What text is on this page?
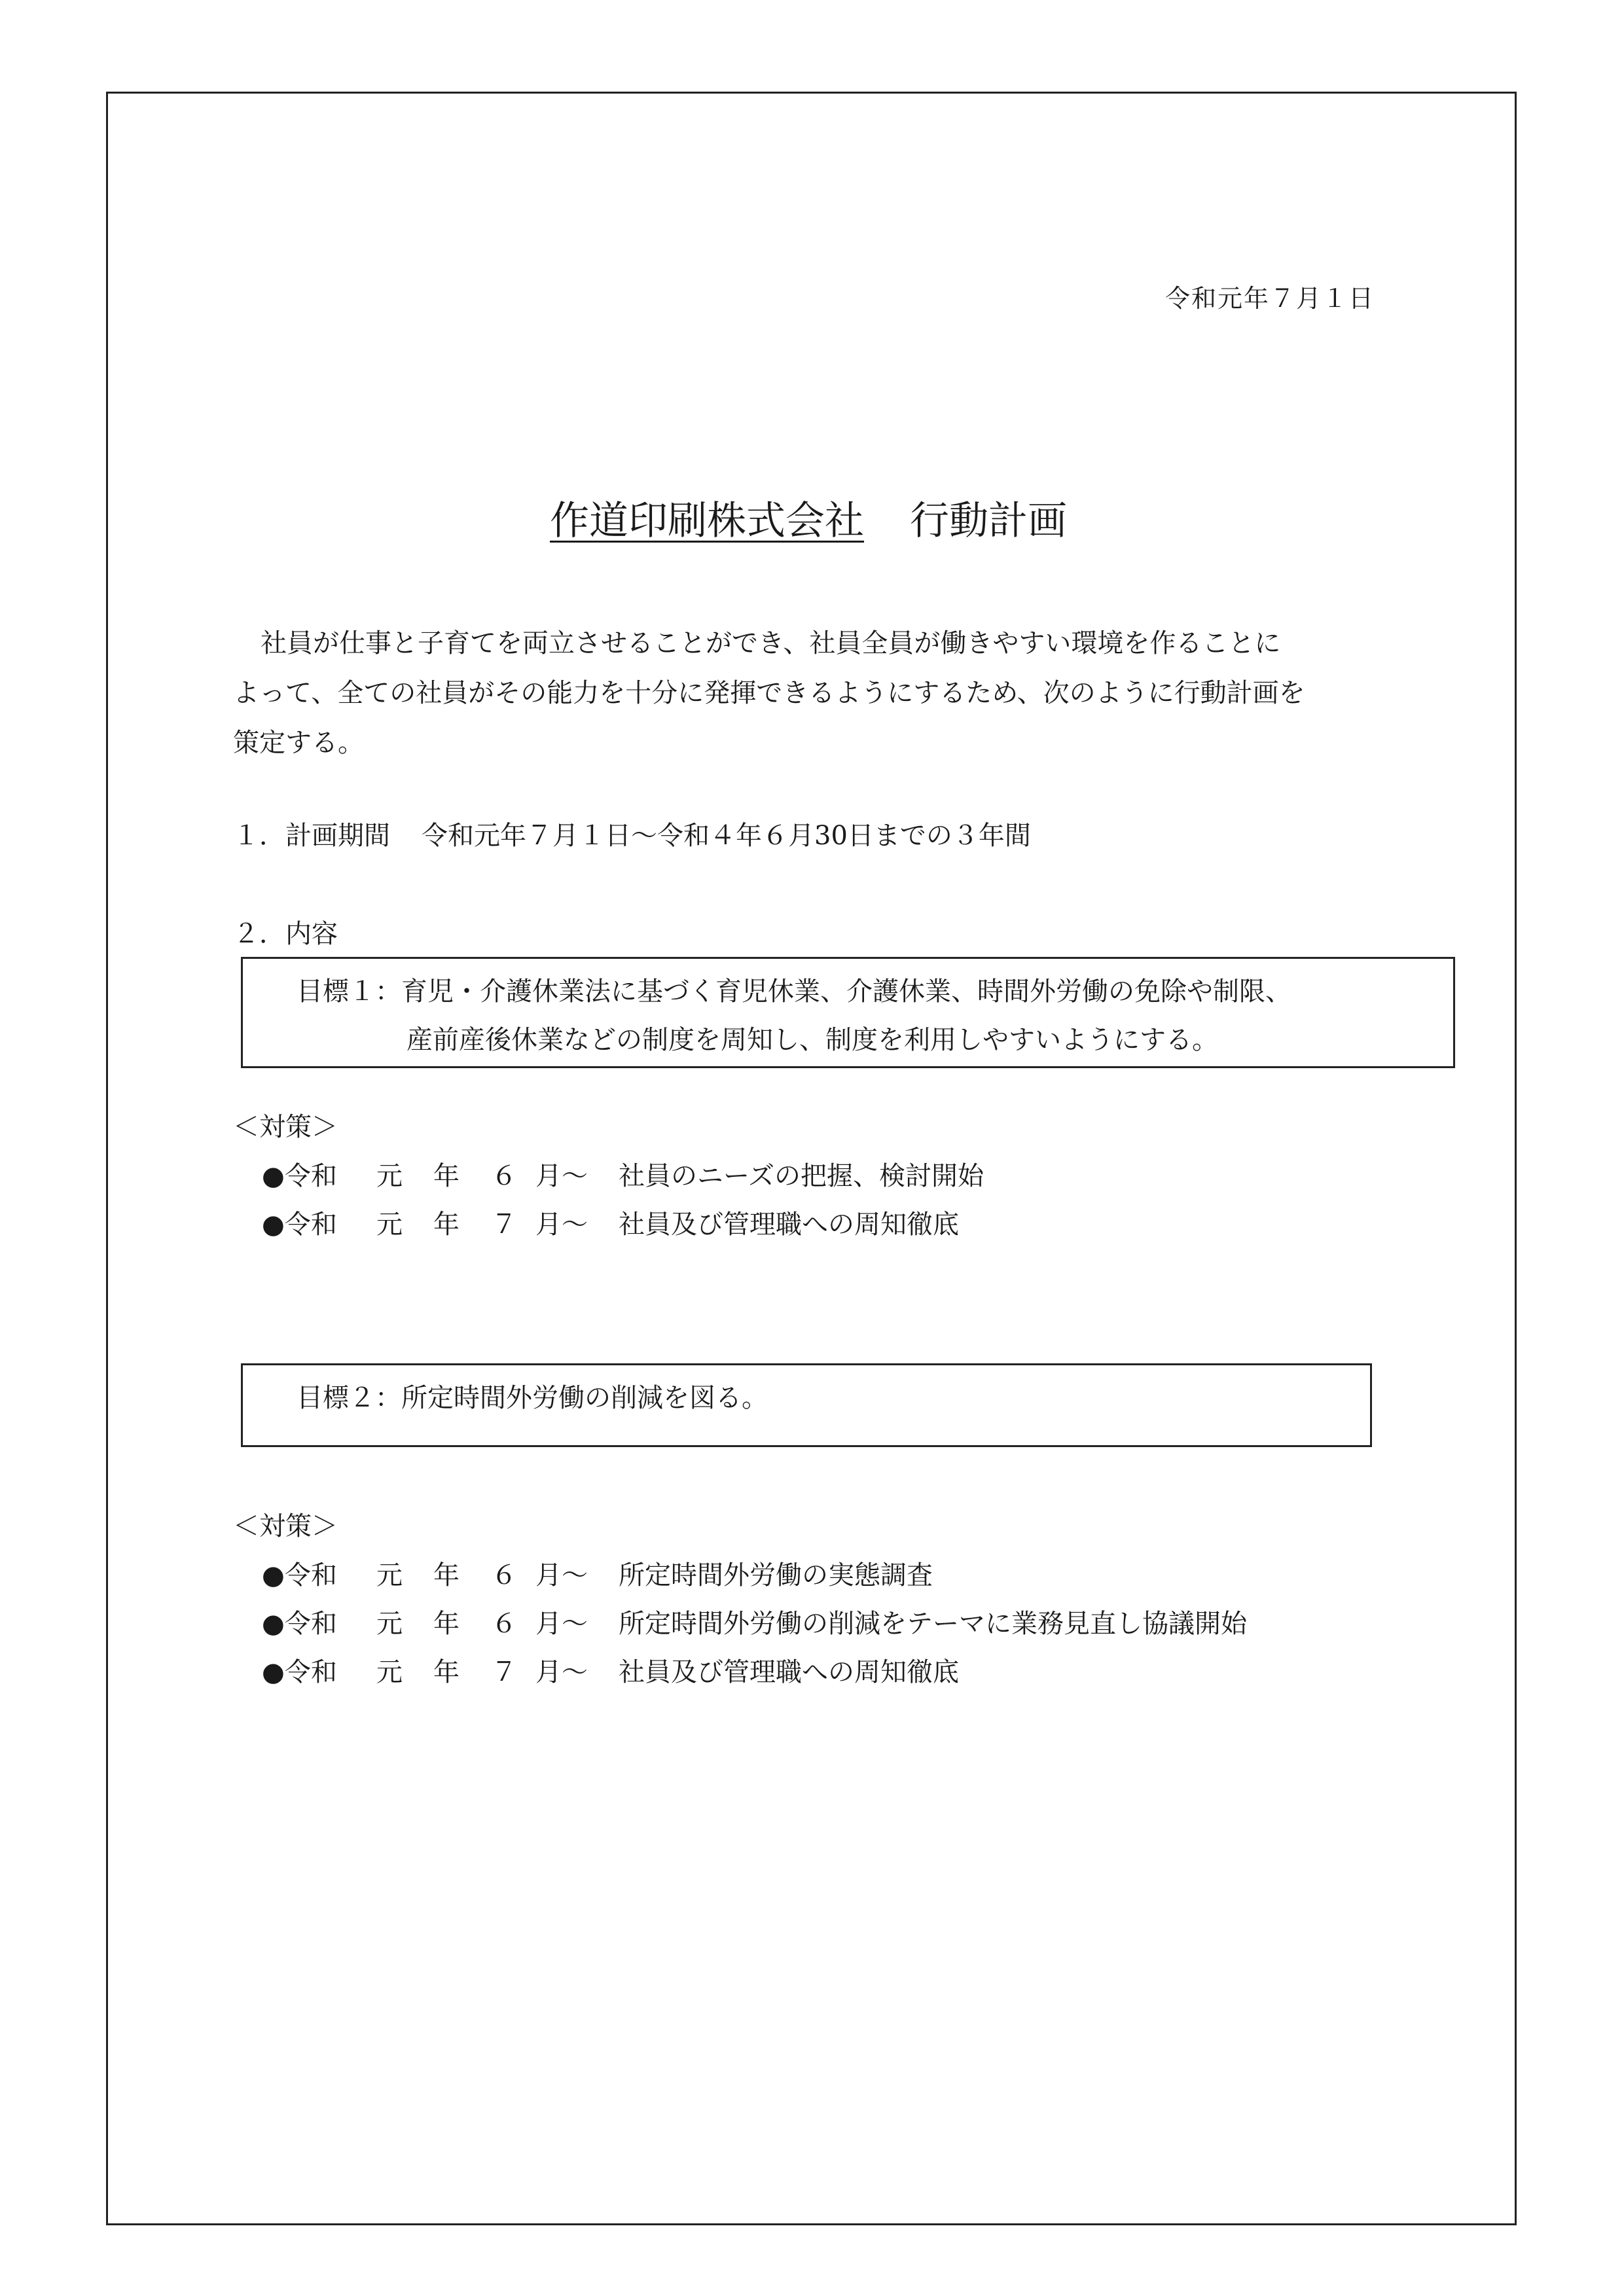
令和元年７月１日
作道印刷株式会社 行動計画

社員が仕事と子育てを両立させることができ、社員全員が働きやすい環境を作ることに

よって、全ての社員がその能力を十分に発揮できるようにするため、次のように行動計画を

策定する。

１．計画期間 令和元年７月１日～令和４年６月30日までの３年間
２．内容
目標１：育児・介護休業法に基づく育児休業、介護休業、時間外労働の免除や制限、
産前産後休業などの制度を周知し、制度を利用しやすいようにする。
＜対策＞
●令和 元 年 ６ 月～ 社員のニーズの把握、検討開始
●令和 元 年 ７ 月～ 社員及び管理職への周知徹底
目標２：所定時間外労働の削減を図る。
＜対策＞
●令和 元 年 ６ 月～ 所定時間外労働の実態調査
●令和 元 年 ６ 月～ 所定時間外労働の削減をテーマに業務見直し協議開始
●令和 元 年 ７ 月～ 社員及び管理職への周知徹底
